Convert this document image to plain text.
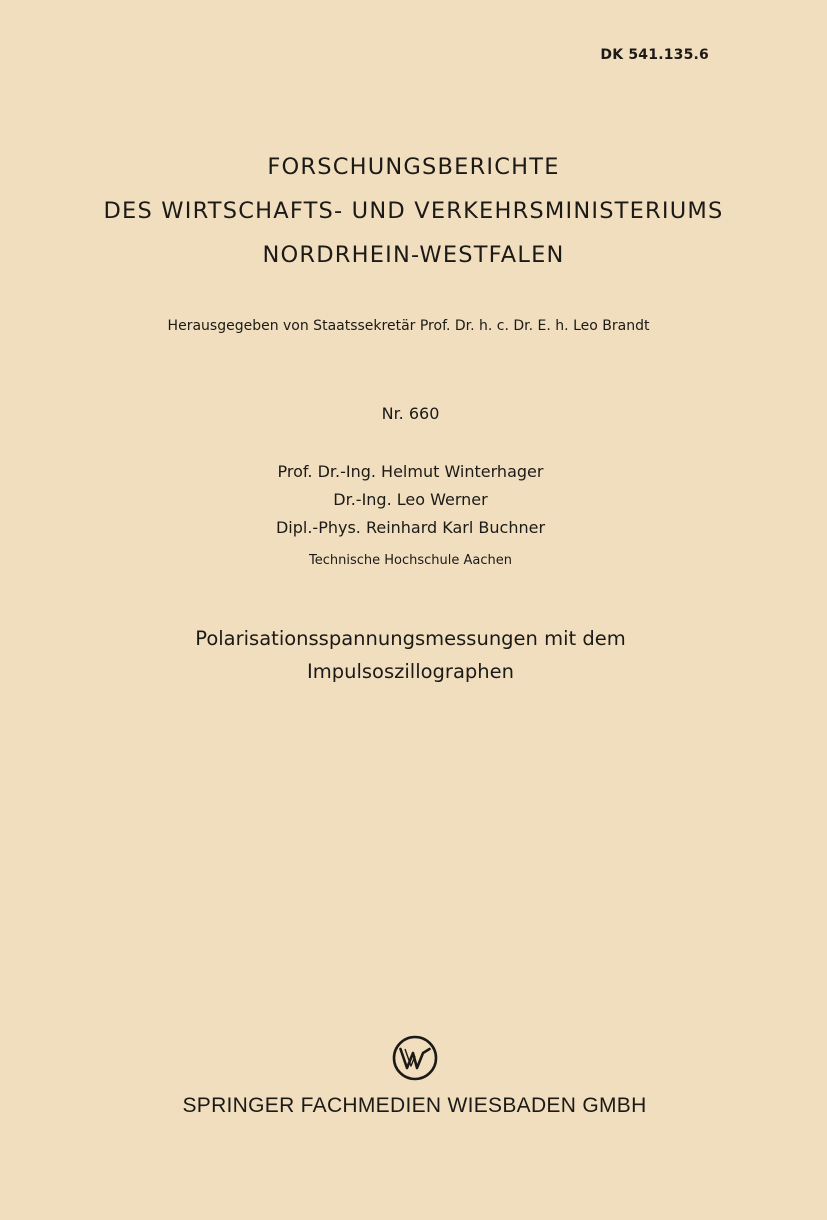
DK 541.135.6
FORSCHUNGSBERICHTE
DES WIRTSCHAFTS- UND VERKEHRSMINISTERIUMS
NORDRHEIN-WESTFALEN
Herausgegeben von Staatssekretär Prof. Dr. h. c. Dr. E. h. Leo Brandt
Nr. 660
Prof. Dr.-Ing. Helmut Winterhager
Dr.-Ing. Leo Werner
Dipl.-Phys. Reinhard Karl Buchner
Technische Hochschule Aachen
Polarisationsspannungsmessungen mit dem
Impulsoszillographen
SPRINGER FACHMEDIEN WIESBADEN GMBH
